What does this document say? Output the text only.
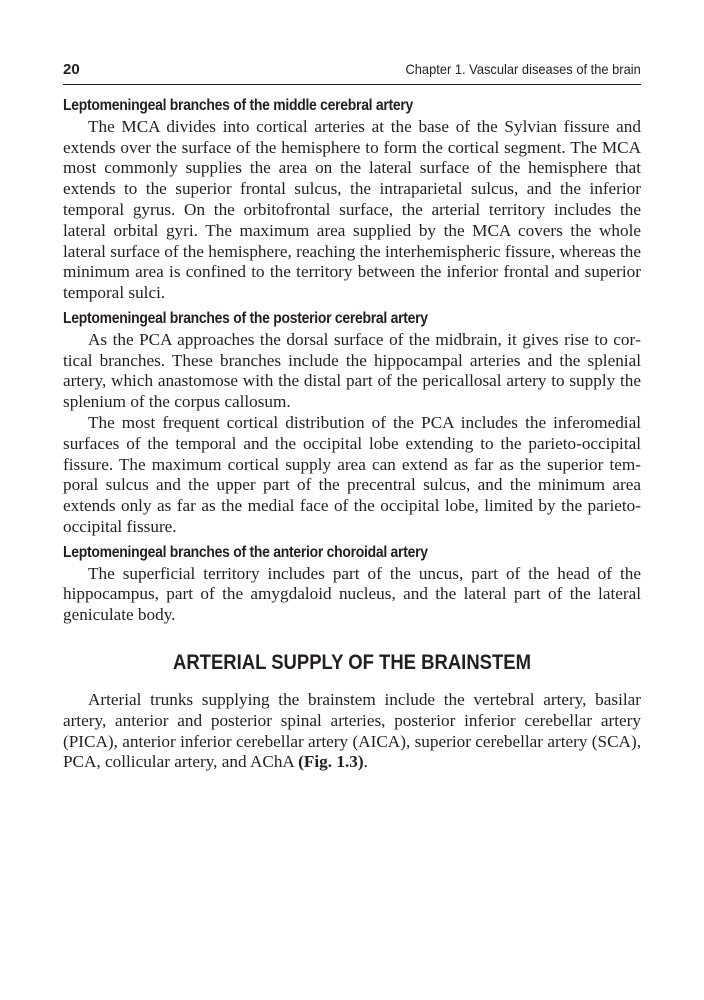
20	Chapter 1. Vascular diseases of the brain
Leptomeningeal branches of the middle cerebral artery

The MCA divides into cortical arteries at the base of the Sylvian fissure and extends over the surface of the hemisphere to form the cortical segment. The MCA most commonly supplies the area on the lateral surface of the hemisphere that extends to the superior frontal sulcus, the intraparietal sulcus, and the inferior temporal gyrus. On the orbitofrontal surface, the arterial territory includes the lateral orbital gyri. The maximum area supplied by the MCA covers the whole lateral surface of the hemisphere, reaching the interhemispheric fissure, whereas the minimum area is confined to the territory between the inferior frontal and superior temporal sulci.

Leptomeningeal branches of the posterior cerebral artery

As the PCA approaches the dorsal surface of the midbrain, it gives rise to cortical branches. These branches include the hippocampal arteries and the splenial artery, which anastomose with the distal part of the pericallosal artery to supply the splenium of the corpus callosum.

The most frequent cortical distribution of the PCA includes the inferomedial surfaces of the temporal and the occipital lobe extending to the parieto-occipital fissure. The maximum cortical supply area can extend as far as the superior temporal sulcus and the upper part of the precentral sulcus, and the minimum area extends only as far as the medial face of the occipital lobe, limited by the parieto-occipital fissure.

Leptomeningeal branches of the anterior choroidal artery

The superficial territory includes part of the uncus, part of the head of the hippocampus, part of the amygdaloid nucleus, and the lateral part of the lateral geniculate body.

ARTERIAL SUPPLY OF THE BRAINSTEM

Arterial trunks supplying the brainstem include the vertebral artery, basilar artery, anterior and posterior spinal arteries, posterior inferior cerebellar artery (PICA), anterior inferior cerebellar artery (AICA), superior cerebellar artery (SCA), PCA, collicular artery, and AChA (Fig. 1.3).
